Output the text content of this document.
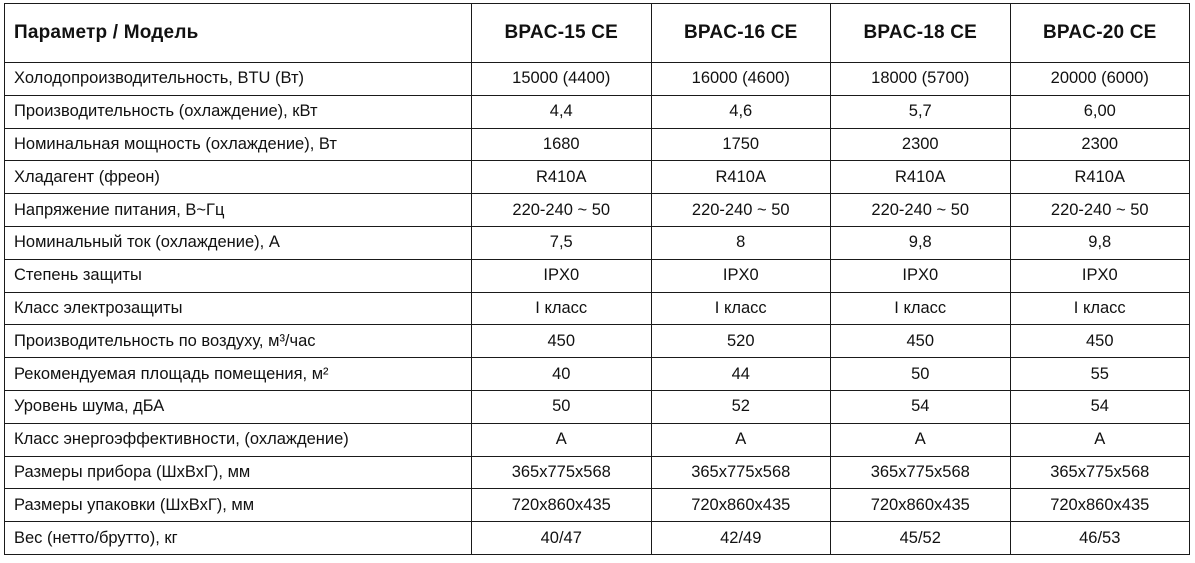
Параметр / Модель	BPAC-15 CE	BPAC-16 CE	BPAC-18 CE	BPAC-20 CE
Холодопроизводительность, BTU (Вт)	15000 (4400)	16000 (4600)	18000 (5700)	20000 (6000)
Производительность (охлаждение), кВт	4,4	4,6	5,7	6,00
Номинальная мощность (охлаждение), Вт	1680	1750	2300	2300
Хладагент (фреон)	R410A	R410A	R410A	R410A
Напряжение питания, В~Гц	220-240 ~ 50	220-240 ~ 50	220-240 ~ 50	220-240 ~ 50
Номинальный ток (охлаждение), А	7,5	8	9,8	9,8
Степень защиты	IPX0	IPX0	IPX0	IPX0
Класс электрозащиты	I класс	I класс	I класс	I класс
Производительность по воздуху, м³/час	450	520	450	450
Рекомендуемая площадь помещения, м²	40	44	50	55
Уровень шума, дБА	50	52	54	54
Класс энергоэффективности, (охлаждение)	A	A	A	A
Размеры прибора (ШхВхГ), мм	365x775x568	365x775x568	365x775x568	365x775x568
Размеры упаковки (ШхВхГ), мм	720x860x435	720x860x435	720x860x435	720x860x435
Вес (нетто/брутто), кг	40/47	42/49	45/52	46/53
